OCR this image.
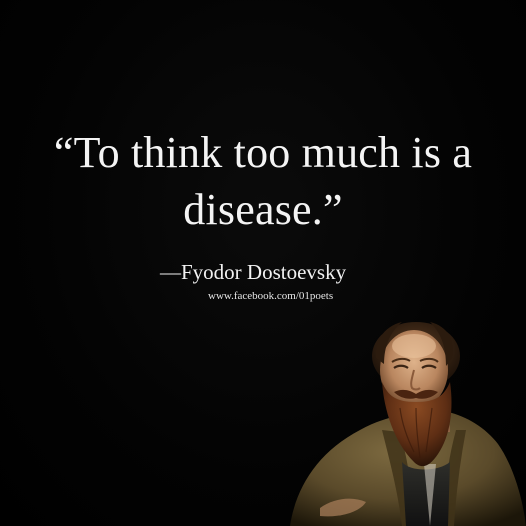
“To think too much is a
disease.”
—Fyodor Dostoevsky
www.facebook.com/01poets
